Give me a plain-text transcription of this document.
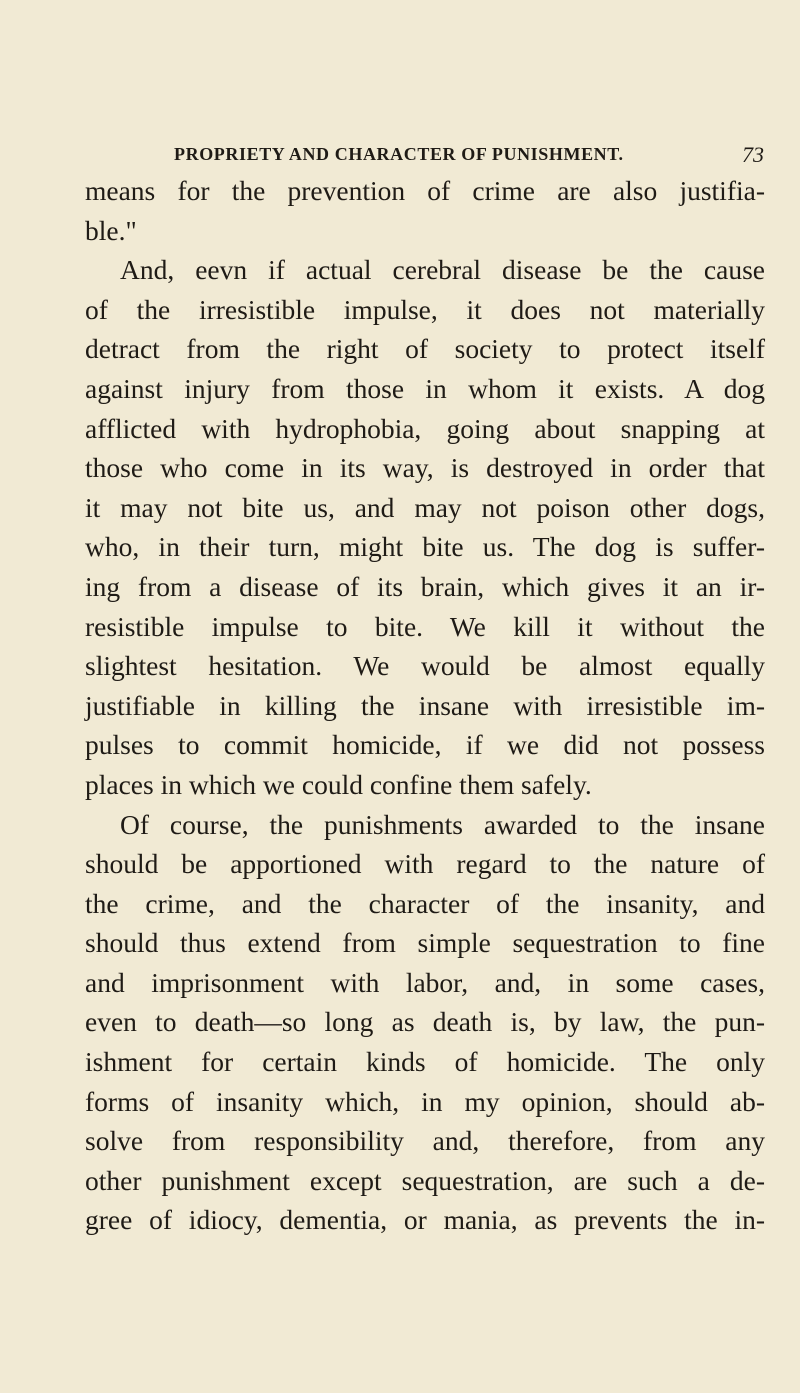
PROPRIETY AND CHARACTER OF PUNISHMENT.	73
means for the prevention of crime are also justifia-
ble."
And, eevn if actual cerebral disease be the cause
of the irresistible impulse, it does not materially
detract from the right of society to protect itself
against injury from those in whom it exists. A dog
afflicted with hydrophobia, going about snapping at
those who come in its way, is destroyed in order that
it may not bite us, and may not poison other dogs,
who, in their turn, might bite us. The dog is suffer-
ing from a disease of its brain, which gives it an ir-
resistible impulse to bite. We kill it without the
slightest hesitation. We would be almost equally
justifiable in killing the insane with irresistible im-
pulses to commit homicide, if we did not possess
places in which we could confine them safely.
Of course, the punishments awarded to the insane
should be apportioned with regard to the nature of
the crime, and the character of the insanity, and
should thus extend from simple sequestration to fine
and imprisonment with labor, and, in some cases,
even to death—so long as death is, by law, the pun-
ishment for certain kinds of homicide. The only
forms of insanity which, in my opinion, should ab-
solve from responsibility and, therefore, from any
other punishment except sequestration, are such a de-
gree of idiocy, dementia, or mania, as prevents the in-
